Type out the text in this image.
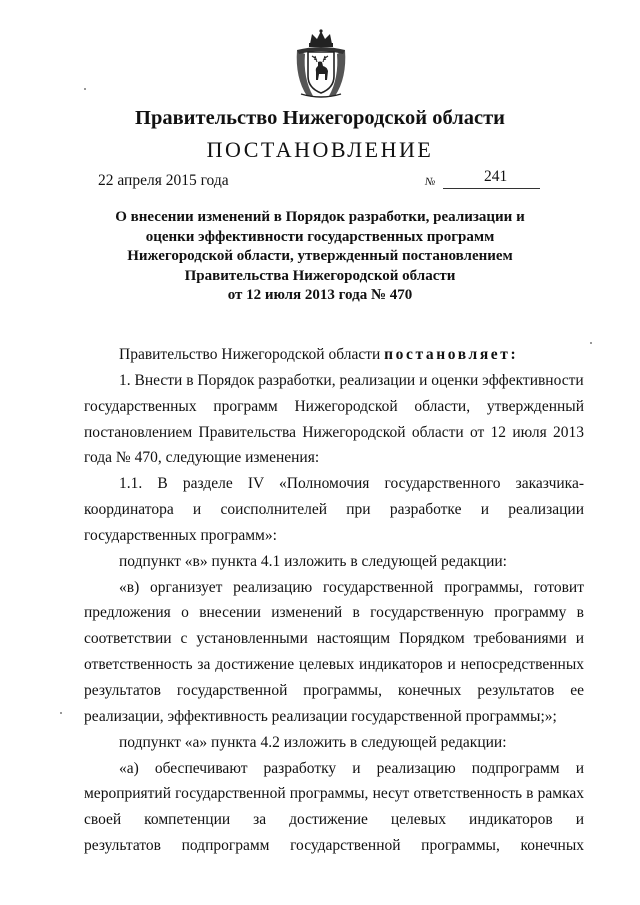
Правительство Нижегородской области
ПОСТАНОВЛЕНИЕ
22 апреля 2015 года	№	241
О внесении изменений в Порядок разработки, реализации и
оценки эффективности государственных программ
Нижегородской области, утвержденный постановлением
Правительства Нижегородской области
от 12 июля 2013 года № 470
Правительство Нижегородской области постановляет:
1. Внести в Порядок разработки, реализации и оценки эффективности
государственных программ Нижегородской области, утвержденный
постановлением Правительства Нижегородской области от 12 июля 2013
года № 470, следующие изменения:
1.1. В разделе IV «Полномочия государственного заказчика-
координатора и соисполнителей при разработке и реализации
государственных программ»:
подпункт «в» пункта 4.1 изложить в следующей редакции:
«в) организует реализацию государственной программы, готовит
предложения о внесении изменений в государственную программу в
соответствии с установленными настоящим Порядком требованиями и
ответственность за достижение целевых индикаторов и непосредственных
результатов государственной программы, конечных результатов ее
реализации, эффективность реализации государственной программы;»;
подпункт «а» пункта 4.2 изложить в следующей редакции:
«а) обеспечивают разработку и реализацию подпрограмм и
мероприятий государственной программы, несут ответственность в рамках
своей компетенции за достижение целевых индикаторов и
результатов подпрограмм государственной программы, конечных
